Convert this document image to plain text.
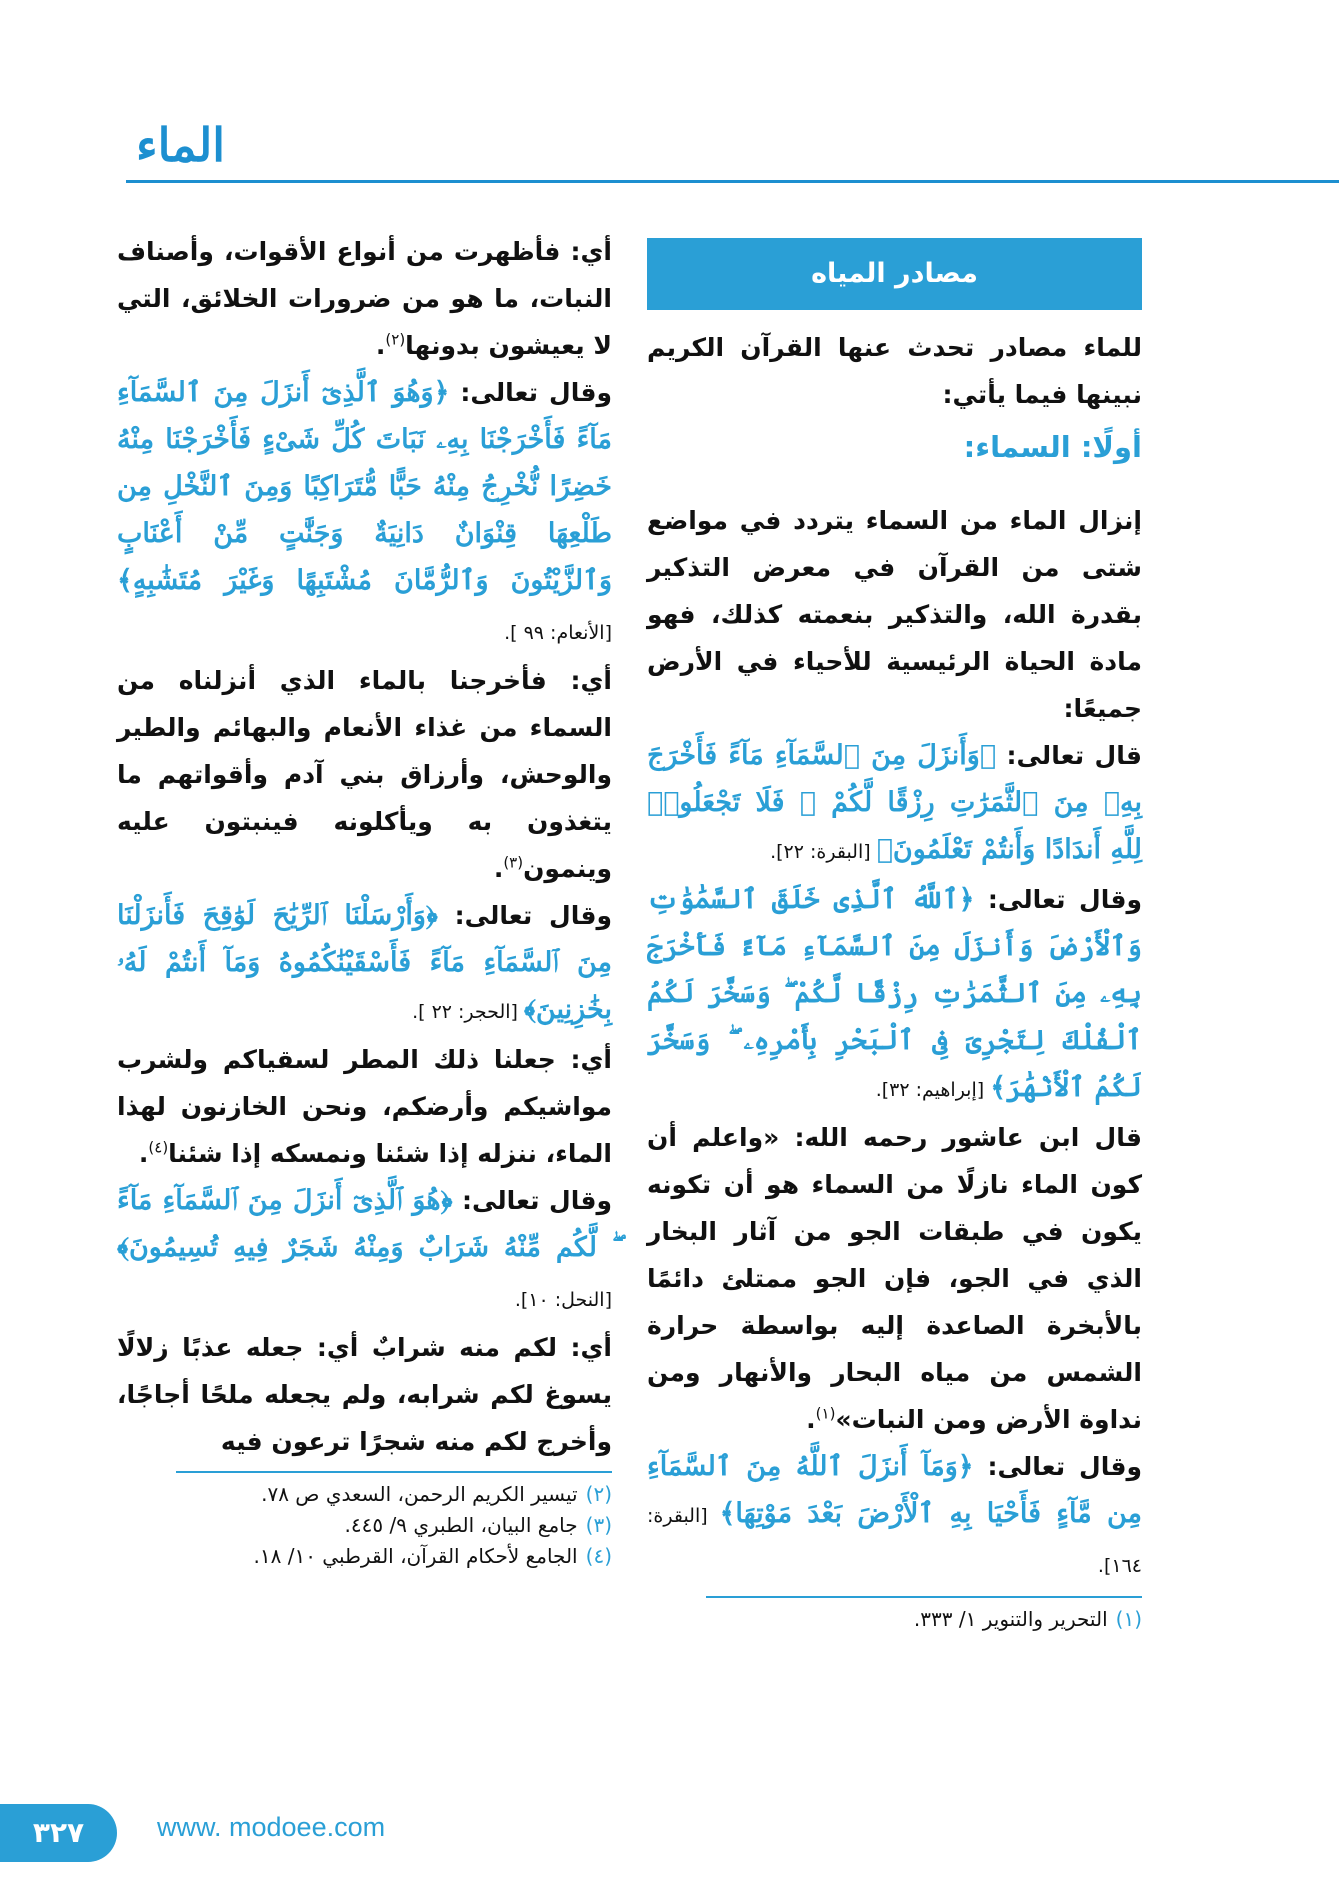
الماء
مصادر المياه

للماء مصادر تحدث عنها القرآن الكريم نبينها فيما يأتي:

أولًا: السماء:

إنزال الماء من السماء يتردد في مواضع شتى من القرآن في معرض التذكير بقدرة الله، والتذكير بنعمته كذلك، فهو مادة الحياة الرئيسية للأحياء في الأرض جميعًا:

قال تعالى: ﴿وَأَنزَلَ مِنَ ٱلسَّمَآءِ مَآءً فَأَخْرَجَ بِهِۦ مِنَ ٱلثَّمَرَٰتِ رِزْقًا لَّكُمْ ۖ فَلَا تَجْعَلُوا۟ لِلَّهِ أَندَادًا وَأَنتُمْ تَعْلَمُونَ﴾ [البقرة: ٢٢].

وقال تعالى: ﴿ٱللَّهُ ٱلَّذِى خَلَقَ ٱلسَّمَٰوَٰتِ وَٱلْأَرْضَ وَأَنزَلَ مِنَ ٱلسَّمَآءِ مَآءً فَأَخْرَجَ بِهِۦ مِنَ ٱلثَّمَرَٰتِ رِزْقًا لَّكُمْ ۖ وَسَخَّرَ لَكُمُ ٱلْفُلْكَ لِتَجْرِىَ فِى ٱلْبَحْرِ بِأَمْرِهِۦ ۖ وَسَخَّرَ لَكُمُ ٱلْأَنْهَٰرَ﴾ [إبراهيم: ٣٢].

قال ابن عاشور رحمه الله: «واعلم أن كون الماء نازلًا من السماء هو أن تكونه يكون في طبقات الجو من آثار البخار الذي في الجو، فإن الجو ممتلئ دائمًا بالأبخرة الصاعدة إليه بواسطة حرارة الشمس من مياه البحار والأنهار ومن نداوة الأرض ومن النبات»$^{(١)}$.

وقال تعالى: ﴿وَمَآ أَنزَلَ ٱللَّهُ مِنَ ٱلسَّمَآءِ مِن مَّآءٍ فَأَحْيَا بِهِ ٱلْأَرْضَ بَعْدَ مَوْتِهَا﴾ [البقرة: ١٦٤].

(١)التحرير والتنوير ١/ ٣٣٣.

أي: فأظهرت من أنواع الأقوات، وأصناف النبات، ما هو من ضرورات الخلائق، التي لا يعيشون بدونها$^{(٢)}$.

وقال تعالى: ﴿وَهُوَ ٱلَّذِىٓ أَنزَلَ مِنَ ٱلسَّمَآءِ مَآءً فَأَخْرَجْنَا بِهِۦ نَبَاتَ كُلِّ شَىْءٍ فَأَخْرَجْنَا مِنْهُ خَضِرًا نُّخْرِجُ مِنْهُ حَبًّا مُّتَرَاكِبًا وَمِنَ ٱلنَّخْلِ مِن طَلْعِهَا قِنْوَانٌ دَانِيَةٌ وَجَنَّٰتٍ مِّنْ أَعْنَابٍ وَٱلزَّيْتُونَ وَٱلرُّمَّانَ مُشْتَبِهًا وَغَيْرَ مُتَشَٰبِهٍ﴾ [الأنعام: ٩٩ ].

أي: فأخرجنا بالماء الذي أنزلناه من السماء من غذاء الأنعام والبهائم والطير والوحش، وأرزاق بني آدم وأقواتهم ما يتغذون به ويأكلونه فينبتون عليه وينمون$^{(٣)}$.

وقال تعالى: ﴿وَأَرْسَلْنَا ٱلرِّيَٰحَ لَوَٰقِحَ فَأَنزَلْنَا مِنَ ٱلسَّمَآءِ مَآءً فَأَسْقَيْنَٰكُمُوهُ وَمَآ أَنتُمْ لَهُۥ بِخَٰزِنِينَ﴾ [الحجر: ٢٢ ].

أي: جعلنا ذلك المطر لسقياكم ولشرب مواشيكم وأرضكم، ونحن الخازنون لهذا الماء، ننزله إذا شئنا ونمسكه إذا شئنا$^{(٤)}$.

وقال تعالى: ﴿هُوَ ٱلَّذِىٓ أَنزَلَ مِنَ ٱلسَّمَآءِ مَآءً ۖ لَّكُم مِّنْهُ شَرَابٌ وَمِنْهُ شَجَرٌ فِيهِ تُسِيمُونَ﴾ [النحل: ١٠].

أي: لكم منه شرابٌ أي: جعله عذبًا زلالًا يسوغ لكم شرابه، ولم يجعله ملحًا أجاجًا، وأخرج لكم منه شجرًا ترعون فيه

(٢)تيسير الكريم الرحمن، السعدي ص ٧٨.
(٣)جامع البيان، الطبري ٩/ ٤٤٥.
(٤)الجامع لأحكام القرآن، القرطبي ١٠/ ١٨.
٣٢٧	www. modoee.com
